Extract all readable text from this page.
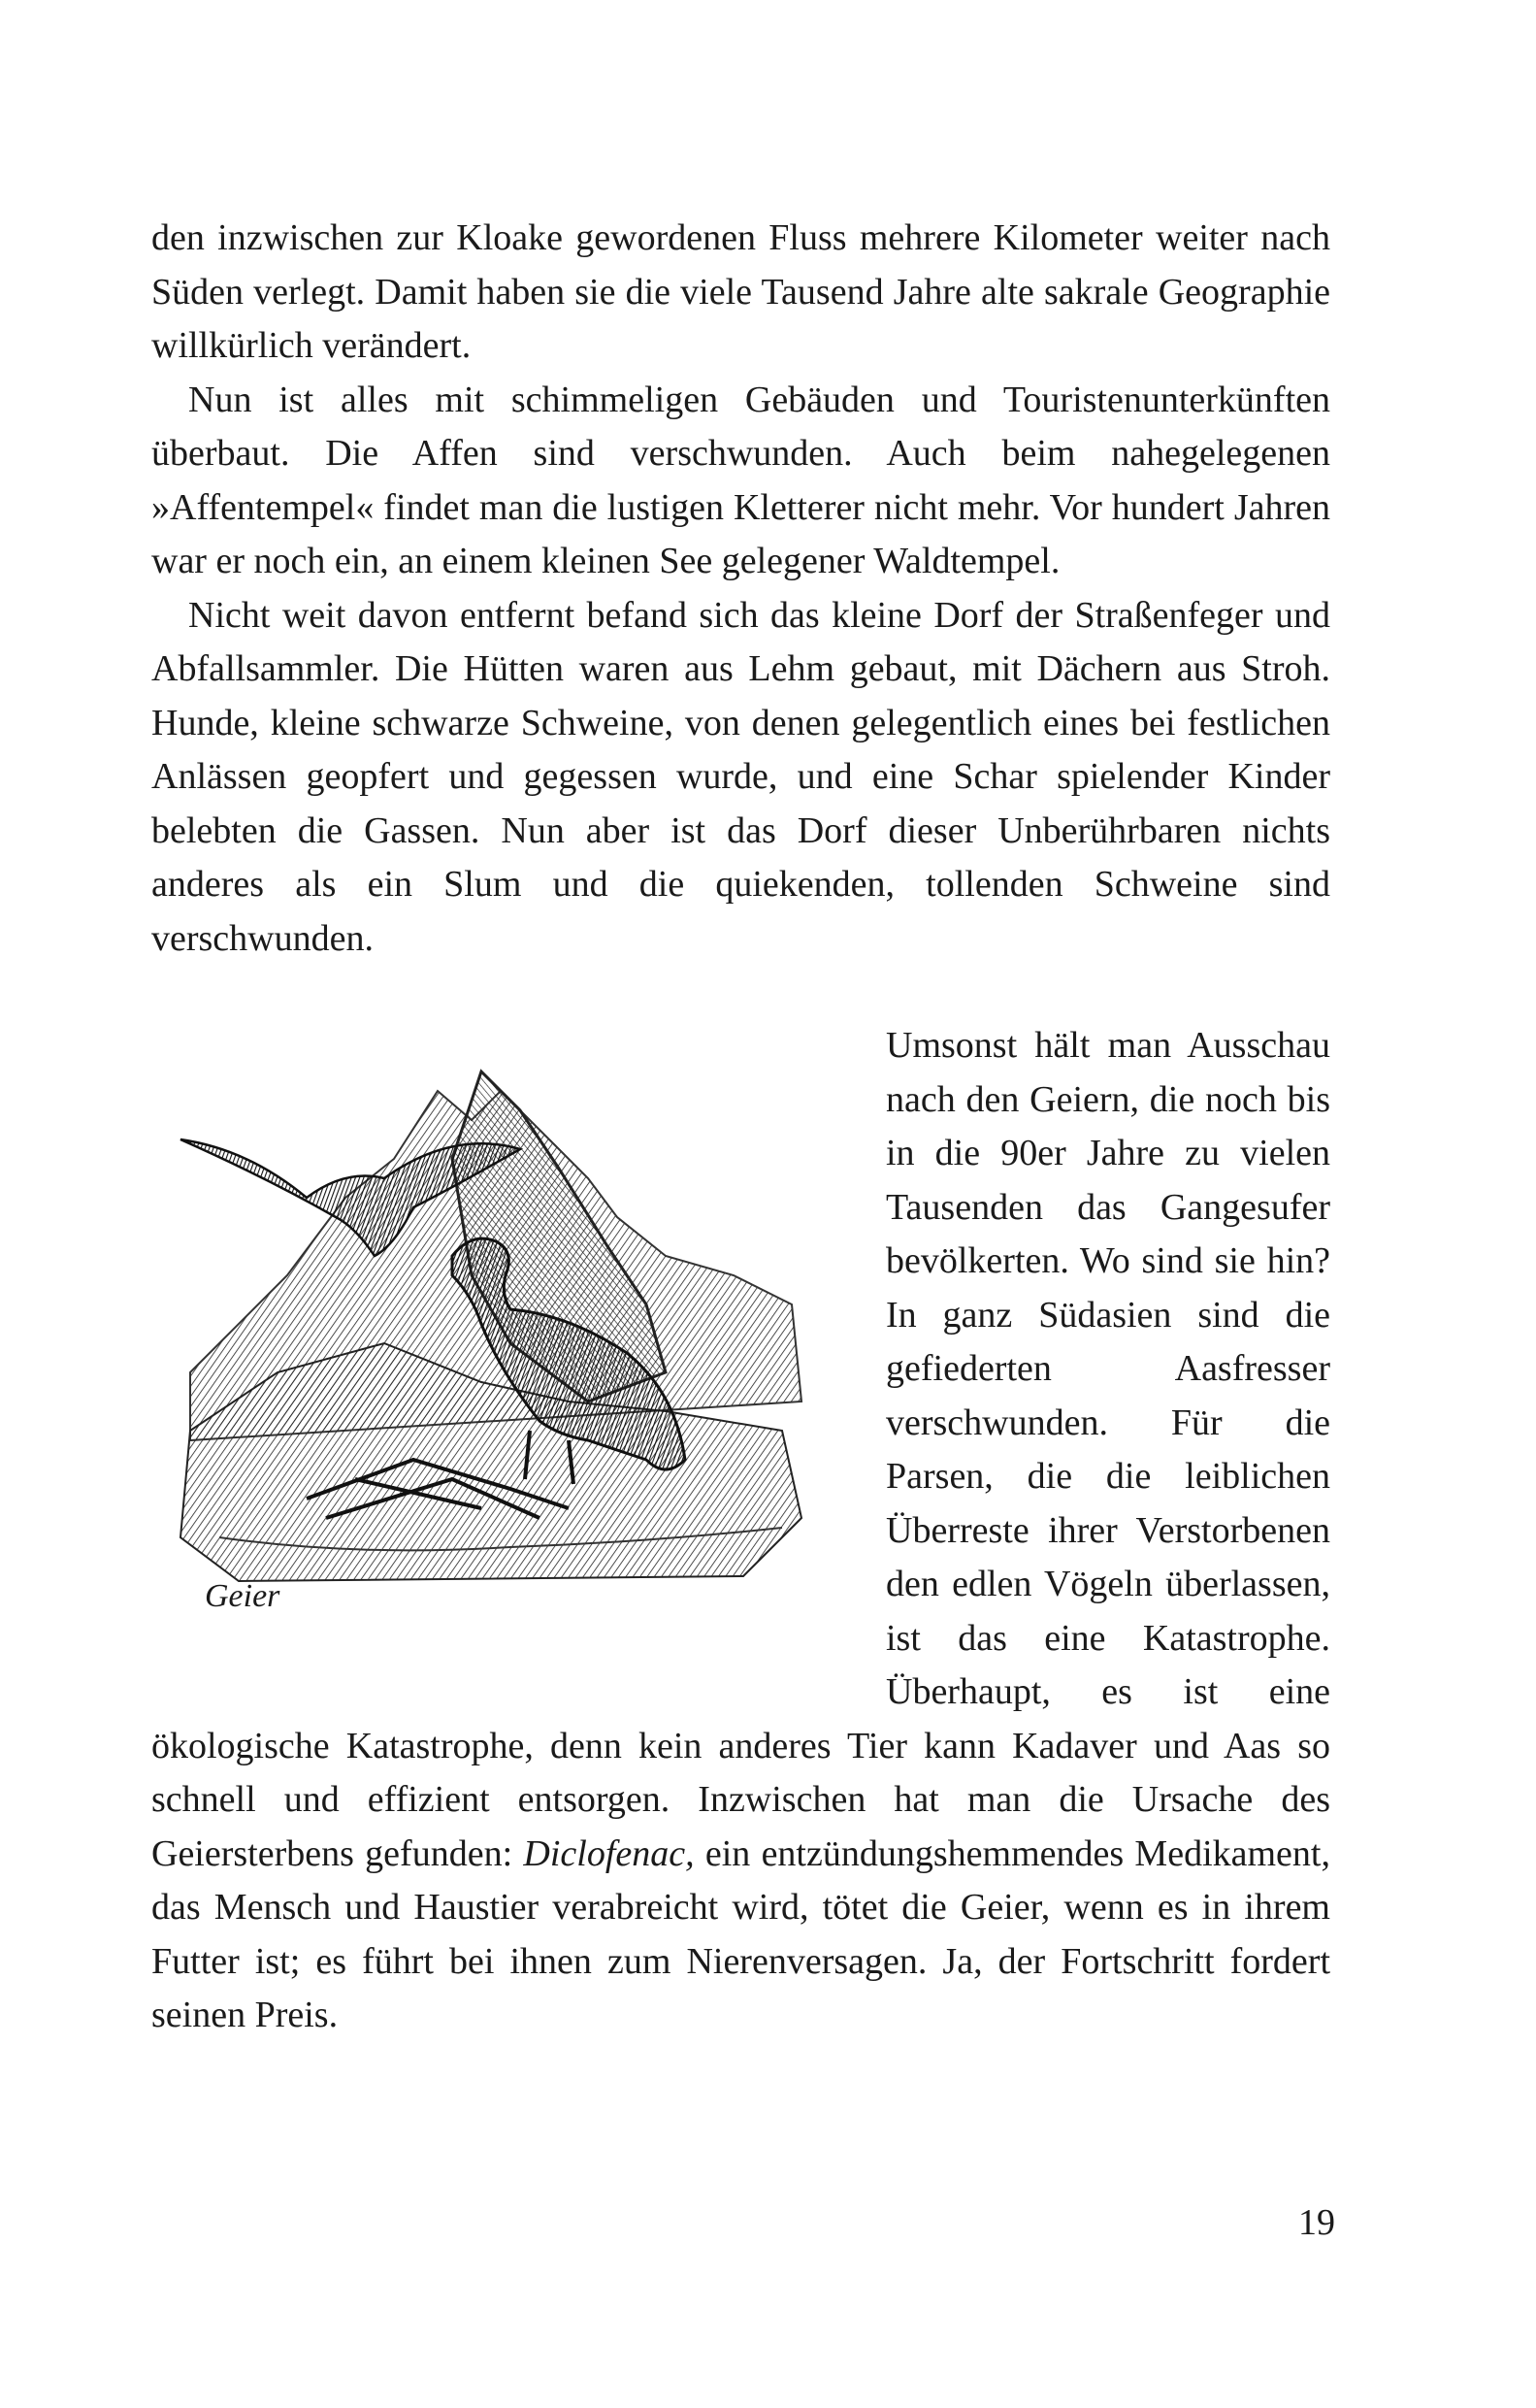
den inzwischen zur Kloake gewordenen Fluss mehrere Kilometer weiter nach Süden verlegt. Damit haben sie die viele Tausend Jahre alte sakrale Geographie willkürlich verändert.

Nun ist alles mit schimmeligen Gebäuden und Touristenunterkünften überbaut. Die Affen sind verschwunden. Auch beim nahegelegenen »Affentempel« findet man die lustigen Kletterer nicht mehr. Vor hundert Jahren war er noch ein, an einem kleinen See gelegener Waldtempel.

Nicht weit davon entfernt befand sich das kleine Dorf der Straßenfeger und Abfallsammler. Die Hütten waren aus Lehm gebaut, mit Dächern aus Stroh. Hunde, kleine schwarze Schweine, von denen gelegentlich eines bei festlichen Anlässen geopfert und gegessen wurde, und eine Schar spielender Kinder belebten die Gassen. Nun aber ist das Dorf dieser Unberührbaren nichts anderes als ein Slum und die quiekenden, tollenden Schweine sind verschwunden.

Geier

Umsonst hält man Ausschau nach den Geiern, die noch bis in die 90er Jahre zu vielen Tausenden das Gangesufer bevölkerten. Wo sind sie hin? In ganz Südasien sind die gefiederten Aasfresser verschwunden. Für die Parsen, die die leiblichen Überreste ihrer Verstorbenen den edlen Vögeln überlassen, ist das eine Katastrophe. Überhaupt, es ist eine ökologische Katastrophe, denn kein anderes Tier kann Kadaver und Aas so schnell und effizient entsorgen. Inzwischen hat man die Ursache des Geiersterbens gefunden: Diclofenac, ein entzündungshemmendes Medikament, das Mensch und Haustier verabreicht wird, tötet die Geier, wenn es in ihrem Futter ist; es führt bei ihnen zum Nierenversagen. Ja, der Fortschritt fordert seinen Preis.

19
